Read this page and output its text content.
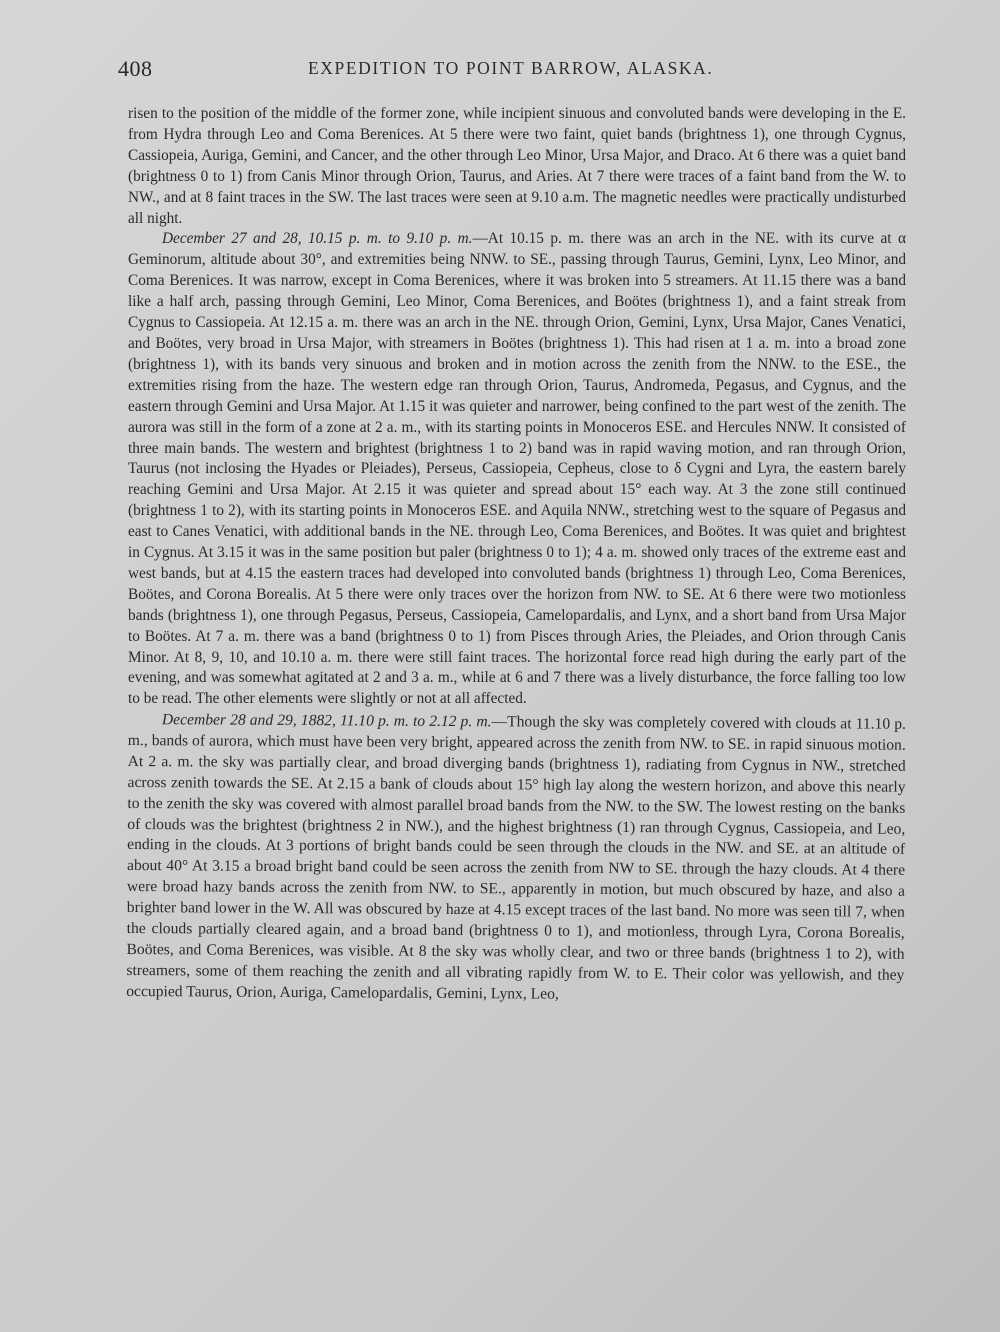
408	EXPEDITION TO POINT BARROW, ALASKA.

risen to the position of the middle of the former zone, while incipient sinuous and convoluted bands were developing in the E. from Hydra through Leo and Coma Berenices. At 5 there were two faint, quiet bands (brightness 1), one through Cygnus, Cassiopeia, Auriga, Gemini, and Cancer, and the other through Leo Minor, Ursa Major, and Draco. At 6 there was a quiet band (brightness 0 to 1) from Canis Minor through Orion, Taurus, and Aries. At 7 there were traces of a faint band from the W. to NW., and at 8 faint traces in the SW. The last traces were seen at 9.10 a.m. The magnetic needles were practically undisturbed all night.

December 27 and 28, 10.15 p. m. to 9.10 p. m.—At 10.15 p. m. there was an arch in the NE. with its curve at α Geminorum, altitude about 30°, and extremities being NNW. to SE., passing through Taurus, Gemini, Lynx, Leo Minor, and Coma Berenices. It was narrow, except in Coma Berenices, where it was broken into 5 streamers. At 11.15 there was a band like a half arch, passing through Gemini, Leo Minor, Coma Berenices, and Boötes (brightness 1), and a faint streak from Cygnus to Cassiopeia. At 12.15 a. m. there was an arch in the NE. through Orion, Gemini, Lynx, Ursa Major, Canes Venatici, and Boötes, very broad in Ursa Major, with streamers in Boötes (brightness 1). This had risen at 1 a. m. into a broad zone (brightness 1), with its bands very sinuous and broken and in motion across the zenith from the NNW. to the ESE., the extremities rising from the haze. The western edge ran through Orion, Taurus, Andromeda, Pegasus, and Cygnus, and the eastern through Gemini and Ursa Major. At 1.15 it was quieter and narrower, being confined to the part west of the zenith. The aurora was still in the form of a zone at 2 a. m., with its starting points in Monoceros ESE. and Hercules NNW. It consisted of three main bands. The western and brightest (brightness 1 to 2) band was in rapid waving motion, and ran through Orion, Taurus (not inclosing the Hyades or Pleiades), Perseus, Cassiopeia, Cepheus, close to δ Cygni and Lyra, the eastern barely reaching Gemini and Ursa Major. At 2.15 it was quieter and spread about 15° each way. At 3 the zone still continued (brightness 1 to 2), with its starting points in Monoceros ESE. and Aquila NNW., stretching west to the square of Pegasus and east to Canes Venatici, with additional bands in the NE. through Leo, Coma Berenices, and Boötes. It was quiet and brightest in Cygnus. At 3.15 it was in the same position but paler (brightness 0 to 1); 4 a. m. showed only traces of the extreme east and west bands, but at 4.15 the eastern traces had developed into convoluted bands (brightness 1) through Leo, Coma Berenices, Boötes, and Corona Borealis. At 5 there were only traces over the horizon from NW. to SE. At 6 there were two motionless bands (brightness 1), one through Pegasus, Perseus, Cassiopeia, Camelopardalis, and Lynx, and a short band from Ursa Major to Boötes. At 7 a. m. there was a band (brightness 0 to 1) from Pisces through Aries, the Pleiades, and Orion through Canis Minor. At 8, 9, 10, and 10.10 a. m. there were still faint traces. The horizontal force read high during the early part of the evening, and was somewhat agitated at 2 and 3 a. m., while at 6 and 7 there was a lively disturbance, the force falling too low to be read. The other elements were slightly or not at all affected.

December 28 and 29, 1882, 11.10 p. m. to 2.12 p. m.—Though the sky was completely covered with clouds at 11.10 p. m., bands of aurora, which must have been very bright, appeared across the zenith from NW. to SE. in rapid sinuous motion. At 2 a. m. the sky was partially clear, and broad diverging bands (brightness 1), radiating from Cygnus in NW., stretched across zenith towards the SE. At 2.15 a bank of clouds about 15° high lay along the western horizon, and above this nearly to the zenith the sky was covered with almost parallel broad bands from the NW. to the SW. The lowest resting on the banks of clouds was the brightest (brightness 2 in NW.), and the highest brightness (1) ran through Cygnus, Cassiopeia, and Leo, ending in the clouds. At 3 portions of bright bands could be seen through the clouds in the NW. and SE. at an altitude of about 40° At 3.15 a broad bright band could be seen across the zenith from NW to SE. through the hazy clouds. At 4 there were broad hazy bands across the zenith from NW. to SE., apparently in motion, but much obscured by haze, and also a brighter band lower in the W. All was obscured by haze at 4.15 except traces of the last band. No more was seen till 7, when the clouds partially cleared again, and a broad band (brightness 0 to 1), and motionless, through Lyra, Corona Borealis, Boötes, and Coma Berenices, was visible. At 8 the sky was wholly clear, and two or three bands (brightness 1 to 2), with streamers, some of them reaching the zenith and all vibrating rapidly from W. to E. Their color was yellowish, and they occupied Taurus, Orion, Auriga, Camelopardalis, Gemini, Lynx, Leo,
